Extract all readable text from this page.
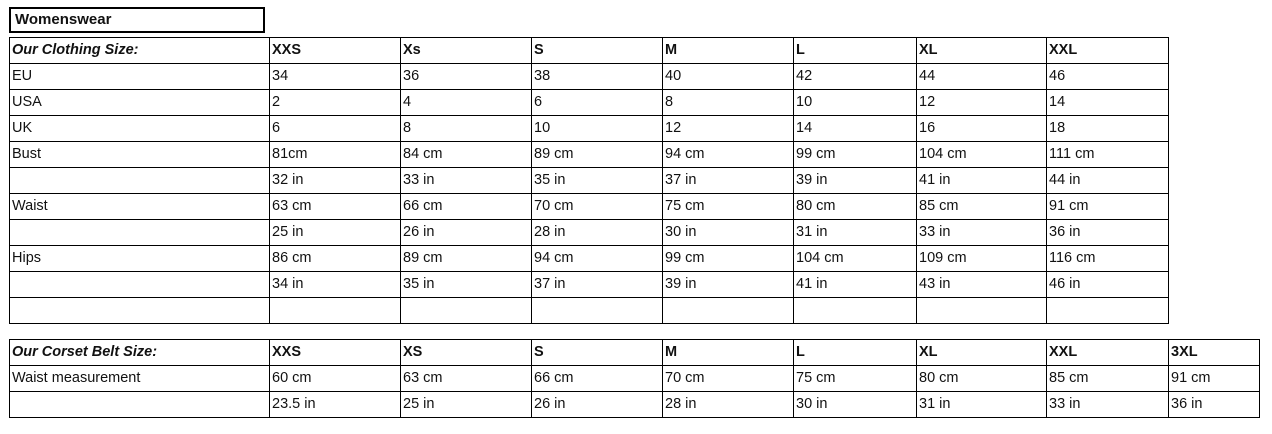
Womenswear
Our Clothing Size:	XXS	Xs	S	M	L	XL	XXL
EU	34	36	38	40	42	44	46
USA	2	4	6	8	10	12	14
UK	6	8	10	12	14	16	18
Bust	81cm	84 cm	89 cm	94 cm	99 cm	104 cm	111 cm
	32 in	33 in	35 in	37 in	39 in	41 in	44 in
Waist	63 cm	66 cm	70 cm	75 cm	80 cm	85 cm	91 cm
	25 in	26 in	28 in	30 in	31 in	33 in	36 in
Hips	86 cm	89 cm	94 cm	99 cm	104 cm	109 cm	116 cm
	34 in	35 in	37 in	39 in	41 in	43 in	46 in

Our Corset Belt Size:	XXS	XS	S	M	L	XL	XXL	3XL
Waist measurement	60 cm	63 cm	66 cm	70 cm	75 cm	80 cm	85 cm	91 cm
	23.5 in	25 in	26 in	28 in	30 in	31 in	33 in	36 in
